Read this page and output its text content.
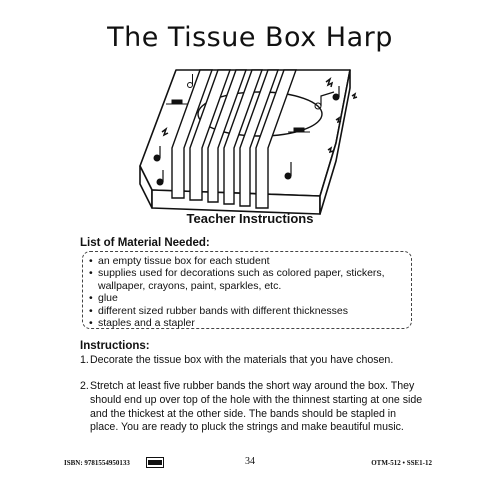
The Tissue Box Harp
Teacher Instructions
List of Material Needed:
• an empty tissue box for each student
• supplies used for decorations such as colored paper, stickers, wallpaper, crayons, paint, sparkles, etc.
• glue
• different sized rubber bands with different thicknesses
• staples and a stapler
Instructions:
1. Decorate the tissue box with the materials that you have chosen.
2. Stretch at least five rubber bands the short way around the box. They should end up over top of the hole with the thinnest starting at one side and the thickest at the other side. The bands should be stapled in place. You are ready to pluck the strings and make beautiful music.
ISBN: 9781554950133	34	OTM-512 • SSE1-12
